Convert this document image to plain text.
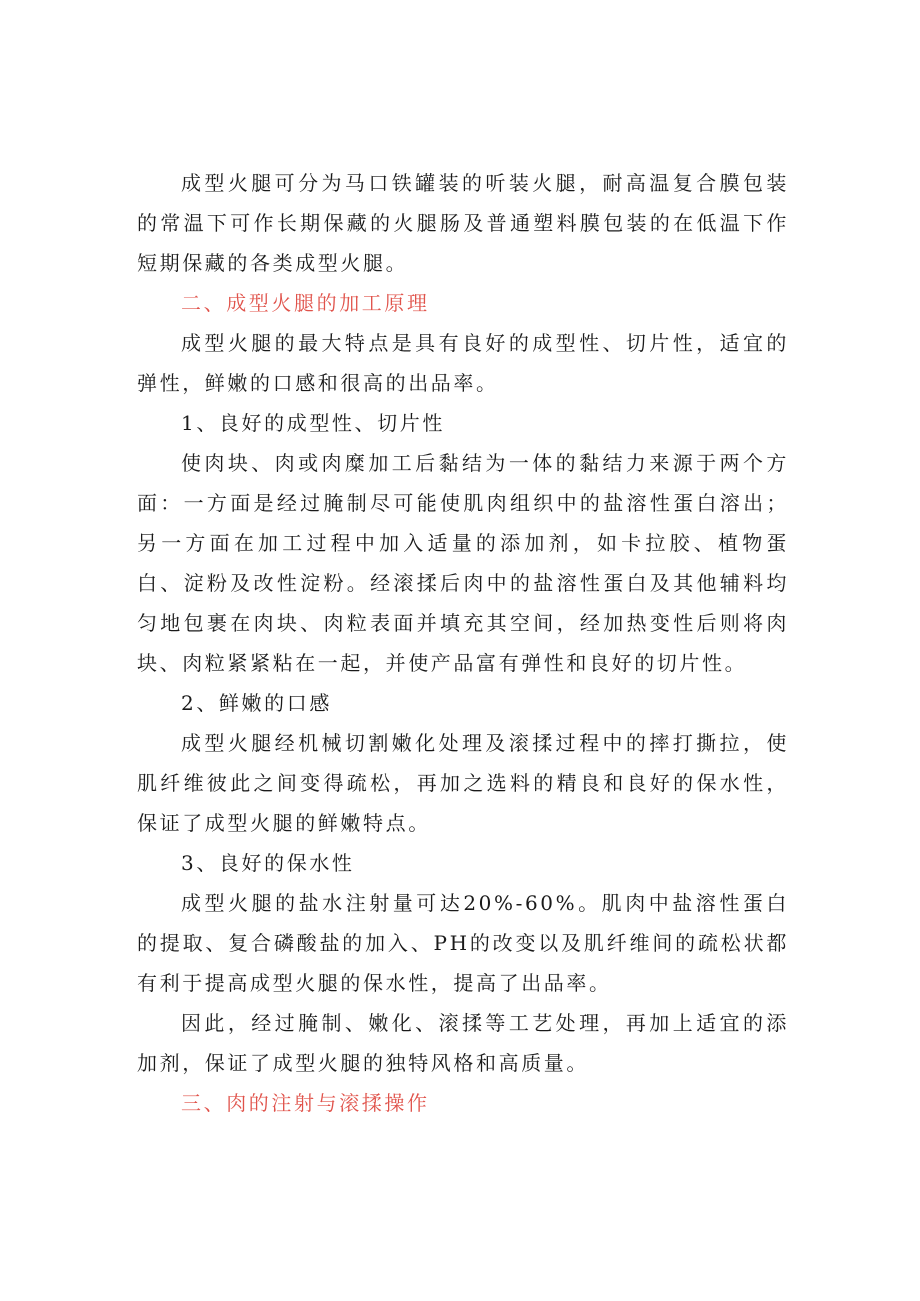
成型火腿可分为马口铁罐装的听装火腿，耐高温复合膜包装的常温下可作长期保藏的火腿肠及普通塑料膜包装的在低温下作短期保藏的各类成型火腿。

二、成型火腿的加工原理

成型火腿的最大特点是具有良好的成型性、切片性，适宜的弹性，鲜嫩的口感和很高的出品率。

1、良好的成型性、切片性

使肉块、肉或肉糜加工后黏结为一体的黏结力来源于两个方面：一方面是经过腌制尽可能使肌肉组织中的盐溶性蛋白溶出；另一方面在加工过程中加入适量的添加剂，如卡拉胶、植物蛋白、淀粉及改性淀粉。经滚揉后肉中的盐溶性蛋白及其他辅料均匀地包裹在肉块、肉粒表面并填充其空间，经加热变性后则将肉块、肉粒紧紧粘在一起，并使产品富有弹性和良好的切片性。

2、鲜嫩的口感

成型火腿经机械切割嫩化处理及滚揉过程中的摔打撕拉，使肌纤维彼此之间变得疏松，再加之选料的精良和良好的保水性，保证了成型火腿的鲜嫩特点。

3、良好的保水性

成型火腿的盐水注射量可达20%-60%。肌肉中盐溶性蛋白的提取、复合磷酸盐的加入、PH的改变以及肌纤维间的疏松状都有利于提高成型火腿的保水性，提高了出品率。

因此，经过腌制、嫩化、滚揉等工艺处理，再加上适宜的添加剂，保证了成型火腿的独特风格和高质量。

三、肉的注射与滚揉操作
